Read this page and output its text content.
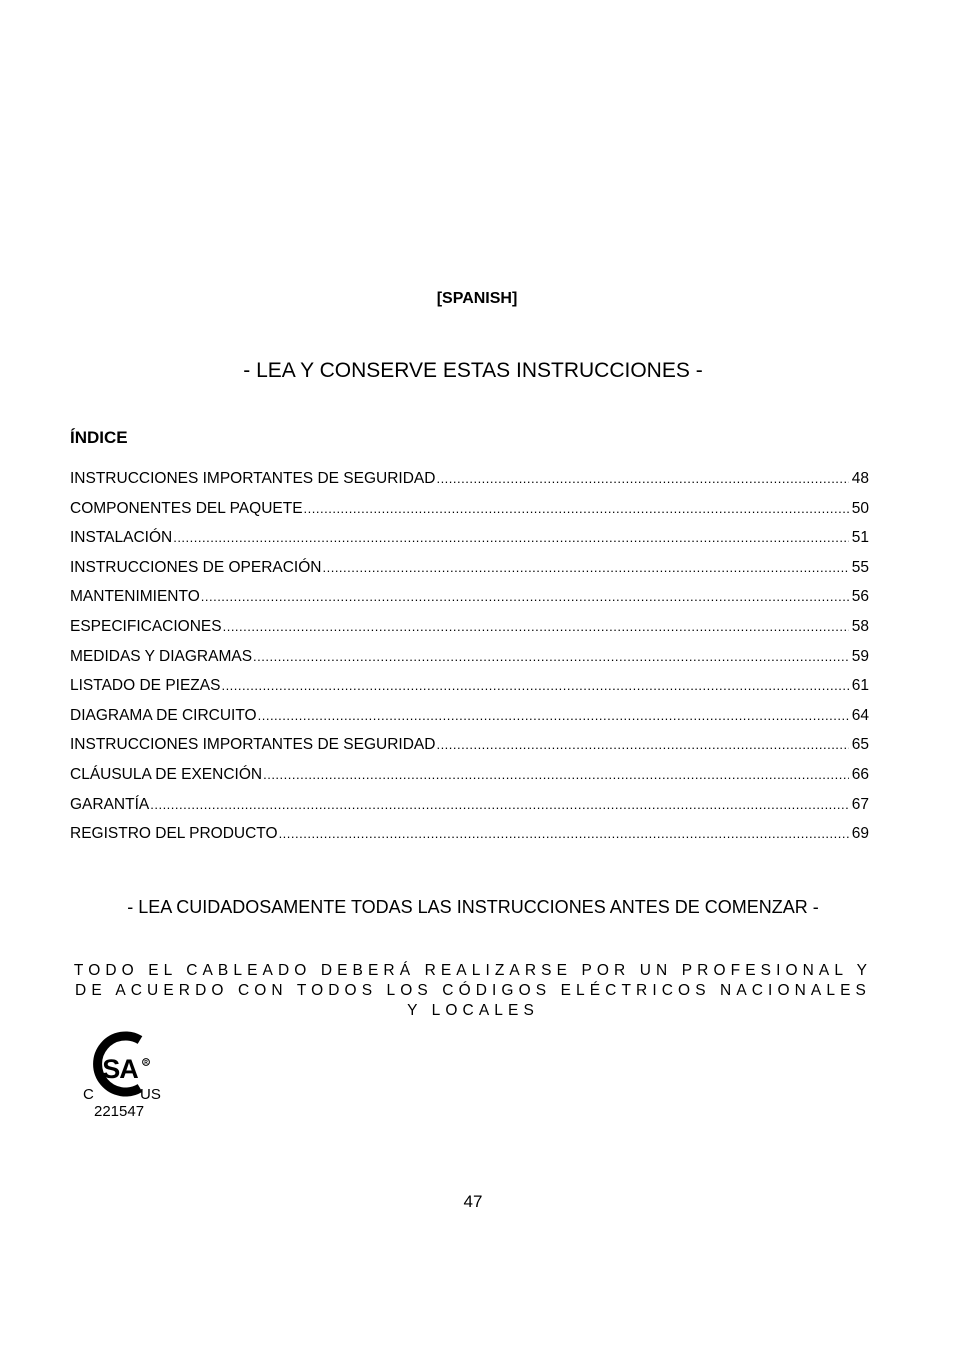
[SPANISH]
- LEA Y CONSERVE ESTAS INSTRUCCIONES -
ÍNDICE
INSTRUCCIONES IMPORTANTES DE SEGURIDAD .....	48
COMPONENTES DEL PAQUETE .....	50
INSTALACIÓN .....	51
INSTRUCCIONES DE OPERACIÓN .....	55
MANTENIMIENTO .....	56
ESPECIFICACIONES .....	58
MEDIDAS Y DIAGRAMAS .....	59
LISTADO DE PIEZAS .....	61
DIAGRAMA DE CIRCUITO .....	64
INSTRUCCIONES IMPORTANTES DE SEGURIDAD .....	65
CLÁUSULA DE EXENCIÓN .....	66
GARANTÍA .....	67
REGISTRO DEL PRODUCTO .....	69
- LEA CUIDADOSAMENTE TODAS LAS INSTRUCCIONES ANTES DE COMENZAR -
TODO EL CABLEADO DEBERÁ REALIZARSE POR UN PROFESIONAL Y DE ACUERDO CON TODOS LOS CÓDIGOS ELÉCTRICOS NACIONALES Y LOCALES
SA R
C	US
221547
47
